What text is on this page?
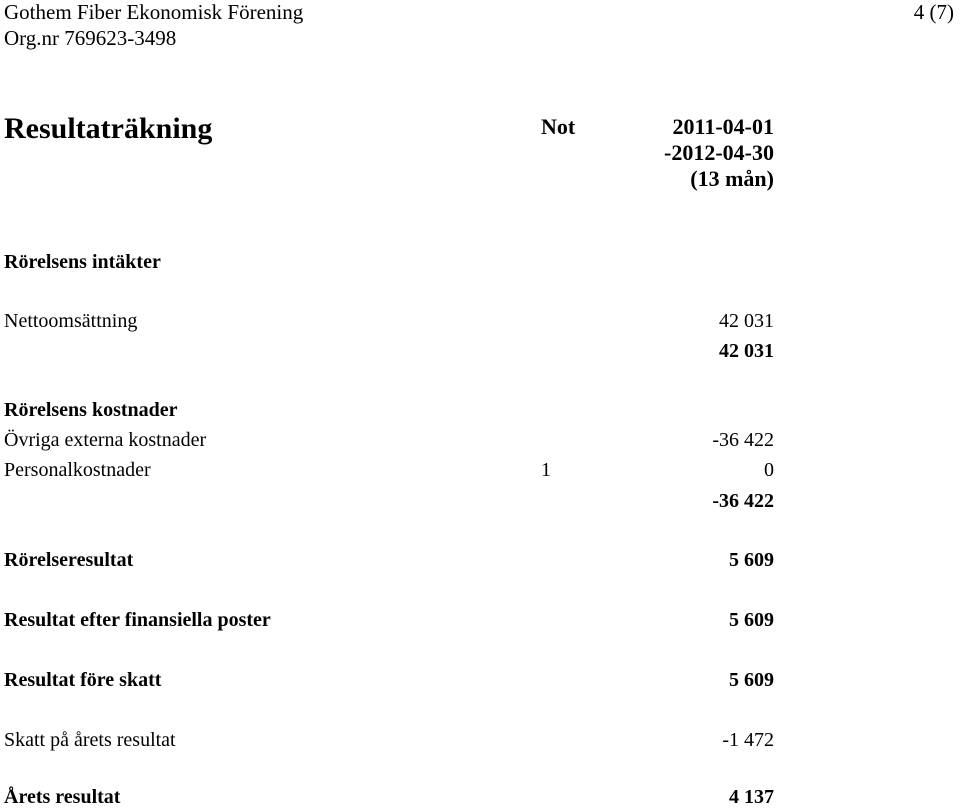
Gothem Fiber Ekonomisk Förening
Org.nr 769623-3498
4 (7)
Resultaträkning	Not	2011-04-01
-2012-04-30
(13 mån)
Rörelsens intäkter
Nettoomsättning	42 031
42 031
Rörelsens kostnader
Övriga externa kostnader	-36 422
Personalkostnader	1	0
-36 422
Rörelseresultat	5 609
Resultat efter finansiella poster	5 609
Resultat före skatt	5 609
Skatt på årets resultat	-1 472
Årets resultat	4 137
